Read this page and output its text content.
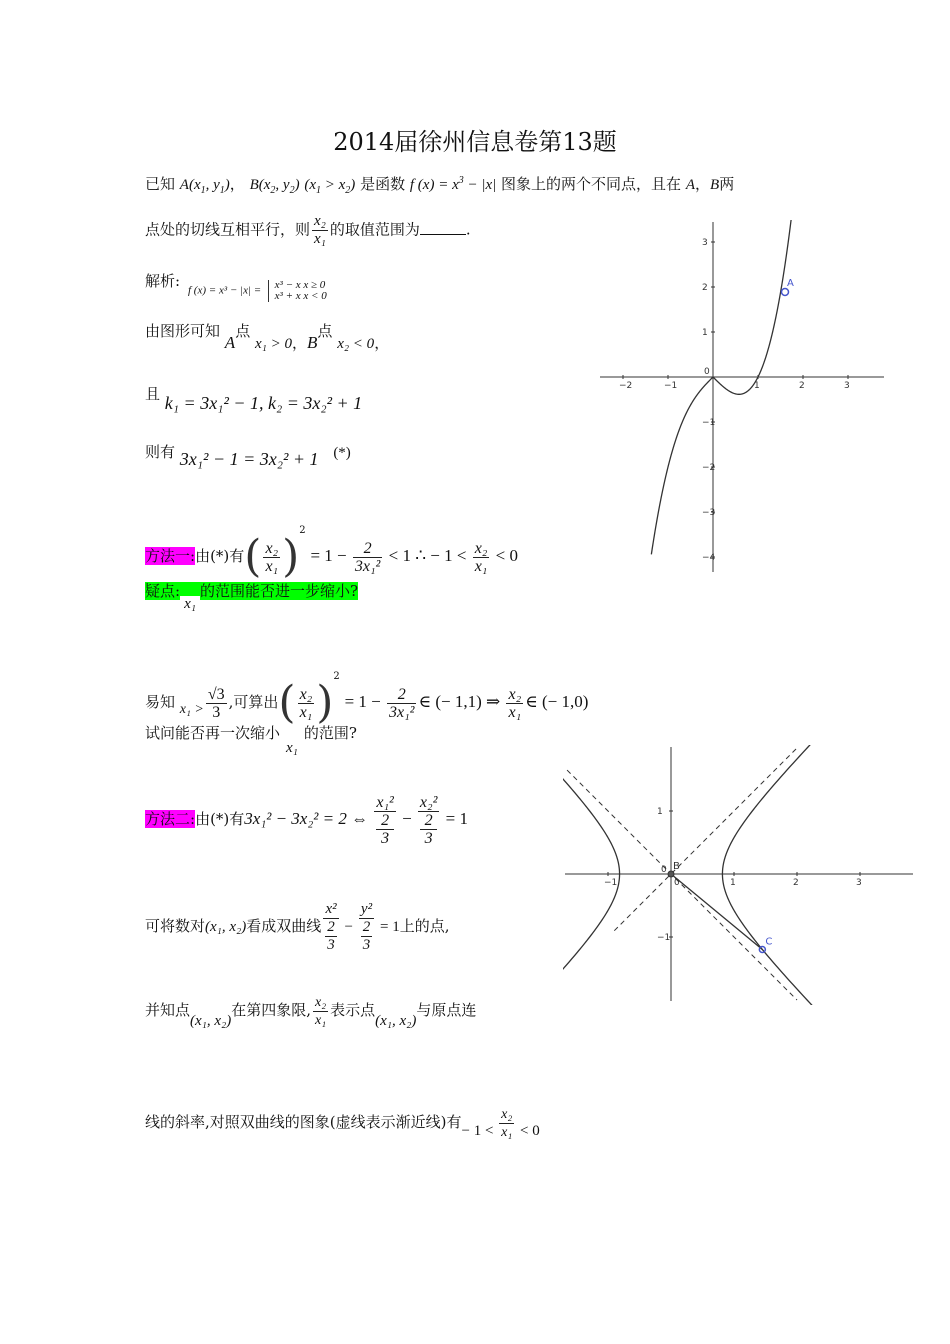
2014届徐州信息卷第13题
已知 $A(x_1$, $y_1$)， $B(x_2$, $y_2$) $(x_1 > x_2)$ 是函数 f $(x) = x^3 - |x|$ 图象上的两个不同点，且在 A，B两
点处的切线互相平行，则 $\frac{\text{x₂}}{\text{x₁}}$ 的取值范围为	.
解析:
f (x) = x³ − |x| = x³ − x x ≥ 0
x³ + x x < 0
由图形可知 A点 x₁ > 0，B点 x₂ < 0，
且 k₁ = 3x₁² − 1, k₂ = 3x₂² + 1
则有 3x₁² − 1 = 3x₂² + 1 (*)
方法一:由(*)有( $\frac{\text{x₂}}{\text{x₁}} )^2 = 1 - \frac{2}{\text{3x₁²}} < 1$ ∴ − $1 < \frac{\text{x₂}}{\text{x₁}} < 0$
疑点:x₁的范围能否进一步缩小?
易知 $x_1 > \frac{√3}{3}$ ,可算出( $\frac{\text{x₂}}{\text{x₁}} )^2 = 1 - \frac{2}{\text{3x₁²}}$ ∈ (− 1,1) ⇒ $\frac{\text{x₂}}{\text{x₁}}$ ∈ (− 1,0)
试问能否再一次缩小x₁的范围?
方法二:由(*)有3x₁² − 3x₂² = 2 ⇔ x₁²
2
3 − x₂²
2
3 = 1
可将数对(x₁, x₂)看成双曲线 x²
2
3 − y²
2
3 = 1上的点,
并知点(x₁, x₂)在第四象限, $\frac{\text{x₂}}{\text{x₁}}$ 表示点(x₁, x₂)与原点连
线的斜率,对照双曲线的图象(虚线表示渐近线)有− $1 < \frac{\text{x₂}}{\text{x₁}} < 0$
−2	−1
0
1	2	3
3
2
1
−1
−2
−3
−4
A
−1
0
0	1	2	3
1
−1
B
C
